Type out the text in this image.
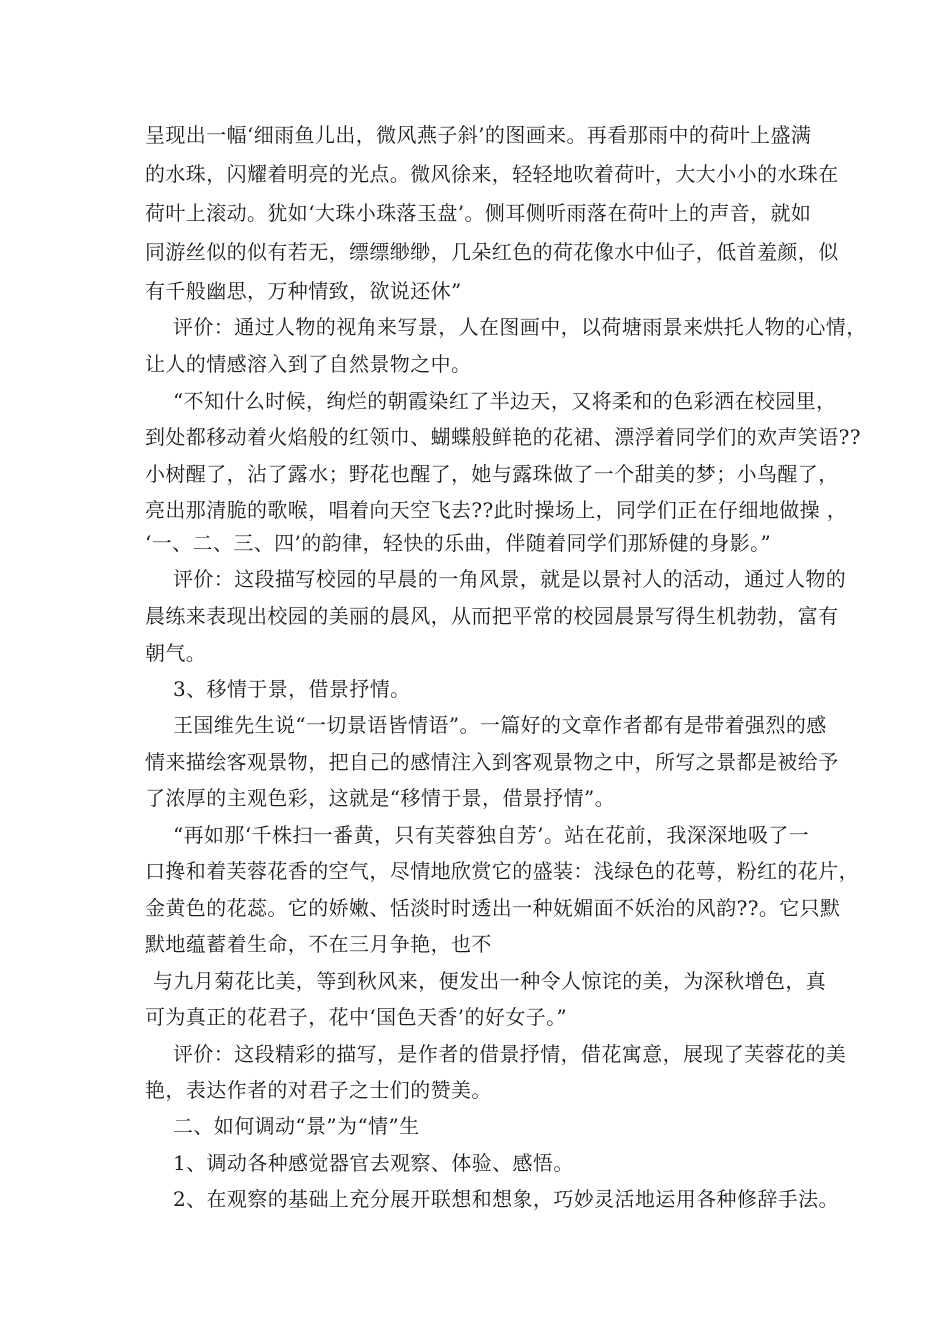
呈现出一幅‘细雨鱼儿出，微风燕子斜’的图画来。再看那雨中的荷叶上盛满
的水珠，闪耀着明亮的光点。微风徐来，轻轻地吹着荷叶，大大小小的水珠在
荷叶上滚动。犹如‘大珠小珠落玉盘’。侧耳侧听雨落在荷叶上的声音，就如
同游丝似的似有若无，缥缥缈缈，几朵红色的荷花像水中仙子，低首羞颜，似
有千般幽思，万种情致，欲说还休”
评价：通过人物的视角来写景，人在图画中，以荷塘雨景来烘托人物的心情，
让人的情感溶入到了自然景物之中。
“不知什么时候，绚烂的朝霞染红了半边天，又将柔和的色彩洒在校园里，
到处都移动着火焰般的红领巾、蝴蝶般鲜艳的花裙、漂浮着同学们的欢声笑语??
小树醒了，沾了露水；野花也醒了，她与露珠做了一个甜美的梦；小鸟醒了，
亮出那清脆的歌喉，唱着向天空飞去??此时操场上，同学们正在仔细地做操 ，
‘一、二、三、四’的韵律，轻快的乐曲，伴随着同学们那矫健的身影。”
评价：这段描写校园的早晨的一角风景，就是以景衬人的活动，通过人物的
晨练来表现出校园的美丽的晨风，从而把平常的校园晨景写得生机勃勃，富有
朝气。
3、移情于景，借景抒情。
王国维先生说“一切景语皆情语”。一篇好的文章作者都有是带着强烈的感
情来描绘客观景物，把自己的感情注入到客观景物之中，所写之景都是被给予
了浓厚的主观色彩，这就是“移情于景，借景抒情”。
“再如那‘千株扫一番黄，只有芙蓉独自芳’。站在花前，我深深地吸了一
口搀和着芙蓉花香的空气，尽情地欣赏它的盛装：浅绿色的花萼，粉红的花片，
金黄色的花蕊。它的娇嫩、恬淡时时透出一种妩媚面不妖治的风韵??。它只默
默地蕴蓄着生命，不在三月争艳，也不
与九月菊花比美，等到秋风来，便发出一种令人惊诧的美，为深秋增色，真
可为真正的花君子，花中‘国色天香’的好女子。”
评价：这段精彩的描写，是作者的借景抒情，借花寓意，展现了芙蓉花的美
艳，表达作者的对君子之士们的赞美。
二、如何调动“景”为“情”生
1、调动各种感觉器官去观察、体验、感悟。
2、在观察的基础上充分展开联想和想象，巧妙灵活地运用各种修辞手法。
